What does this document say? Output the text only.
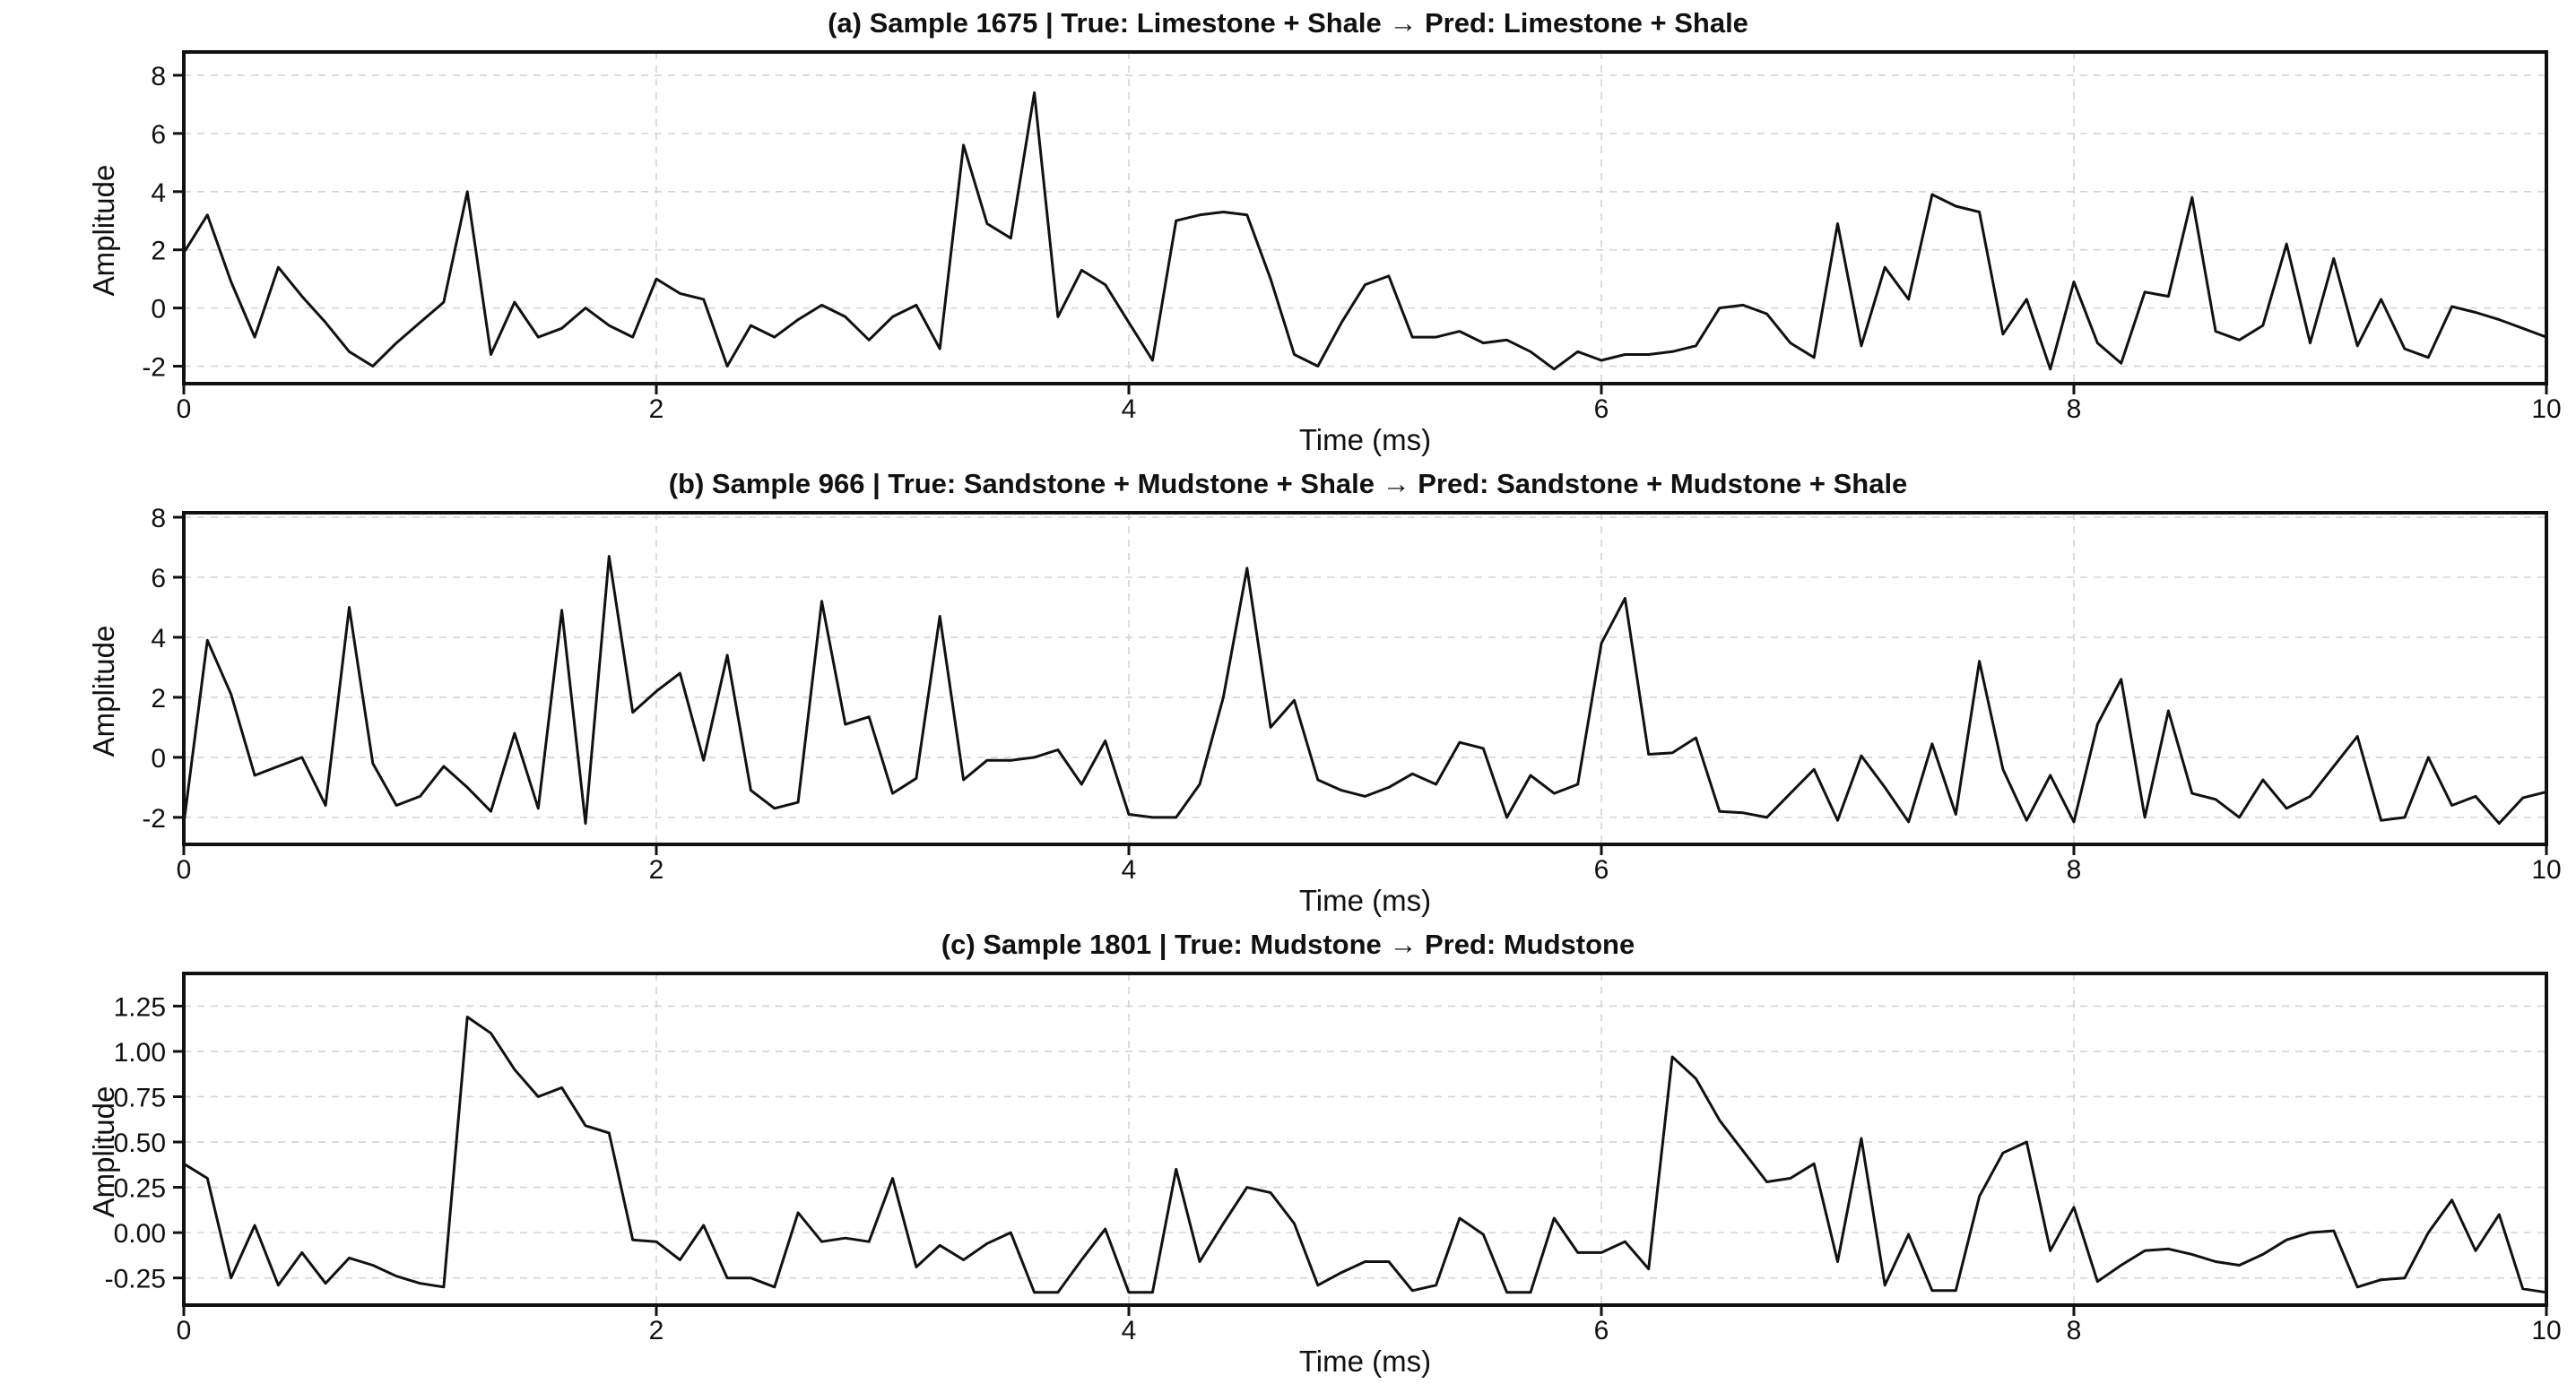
(a) Sample 1675 | True: Limestone + Shale → Pred: Limestone + Shale
Amplitude
0	2	4	6	8	10
-2
0
2
4
6
8
Time (ms)
(b) Sample 966 | True: Sandstone + Mudstone + Shale → Pred: Sandstone + Mudstone + Shale
Amplitude
0	2	4	6	8	10
-2
0
2
4
6
8
Time (ms)
(c) Sample 1801 | True: Mudstone → Pred: Mudstone
Amplitude
0	2	4	6	8	10
-0.25
0.00
0.25
0.50
0.75
1.00
1.25
Time (ms)
